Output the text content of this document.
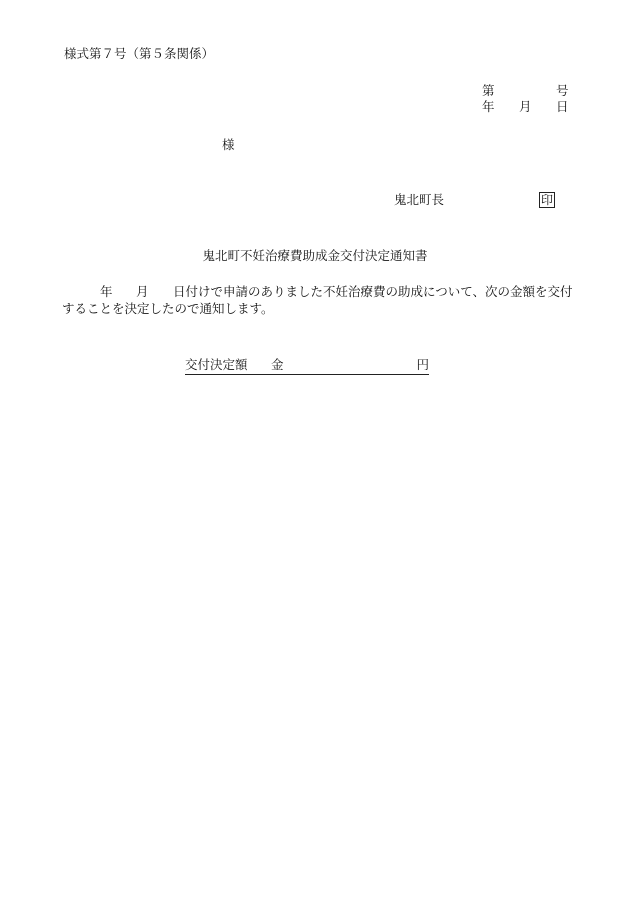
様式第７号（第５条関係）
第	号
年 月 日
様
鬼北町長	印
鬼北町不妊治療費助成金交付決定通知書
年 月 日付けで申請のありました不妊治療費の助成について、次の金額を交付
することを決定したので通知します。
交付決定額 金	円
